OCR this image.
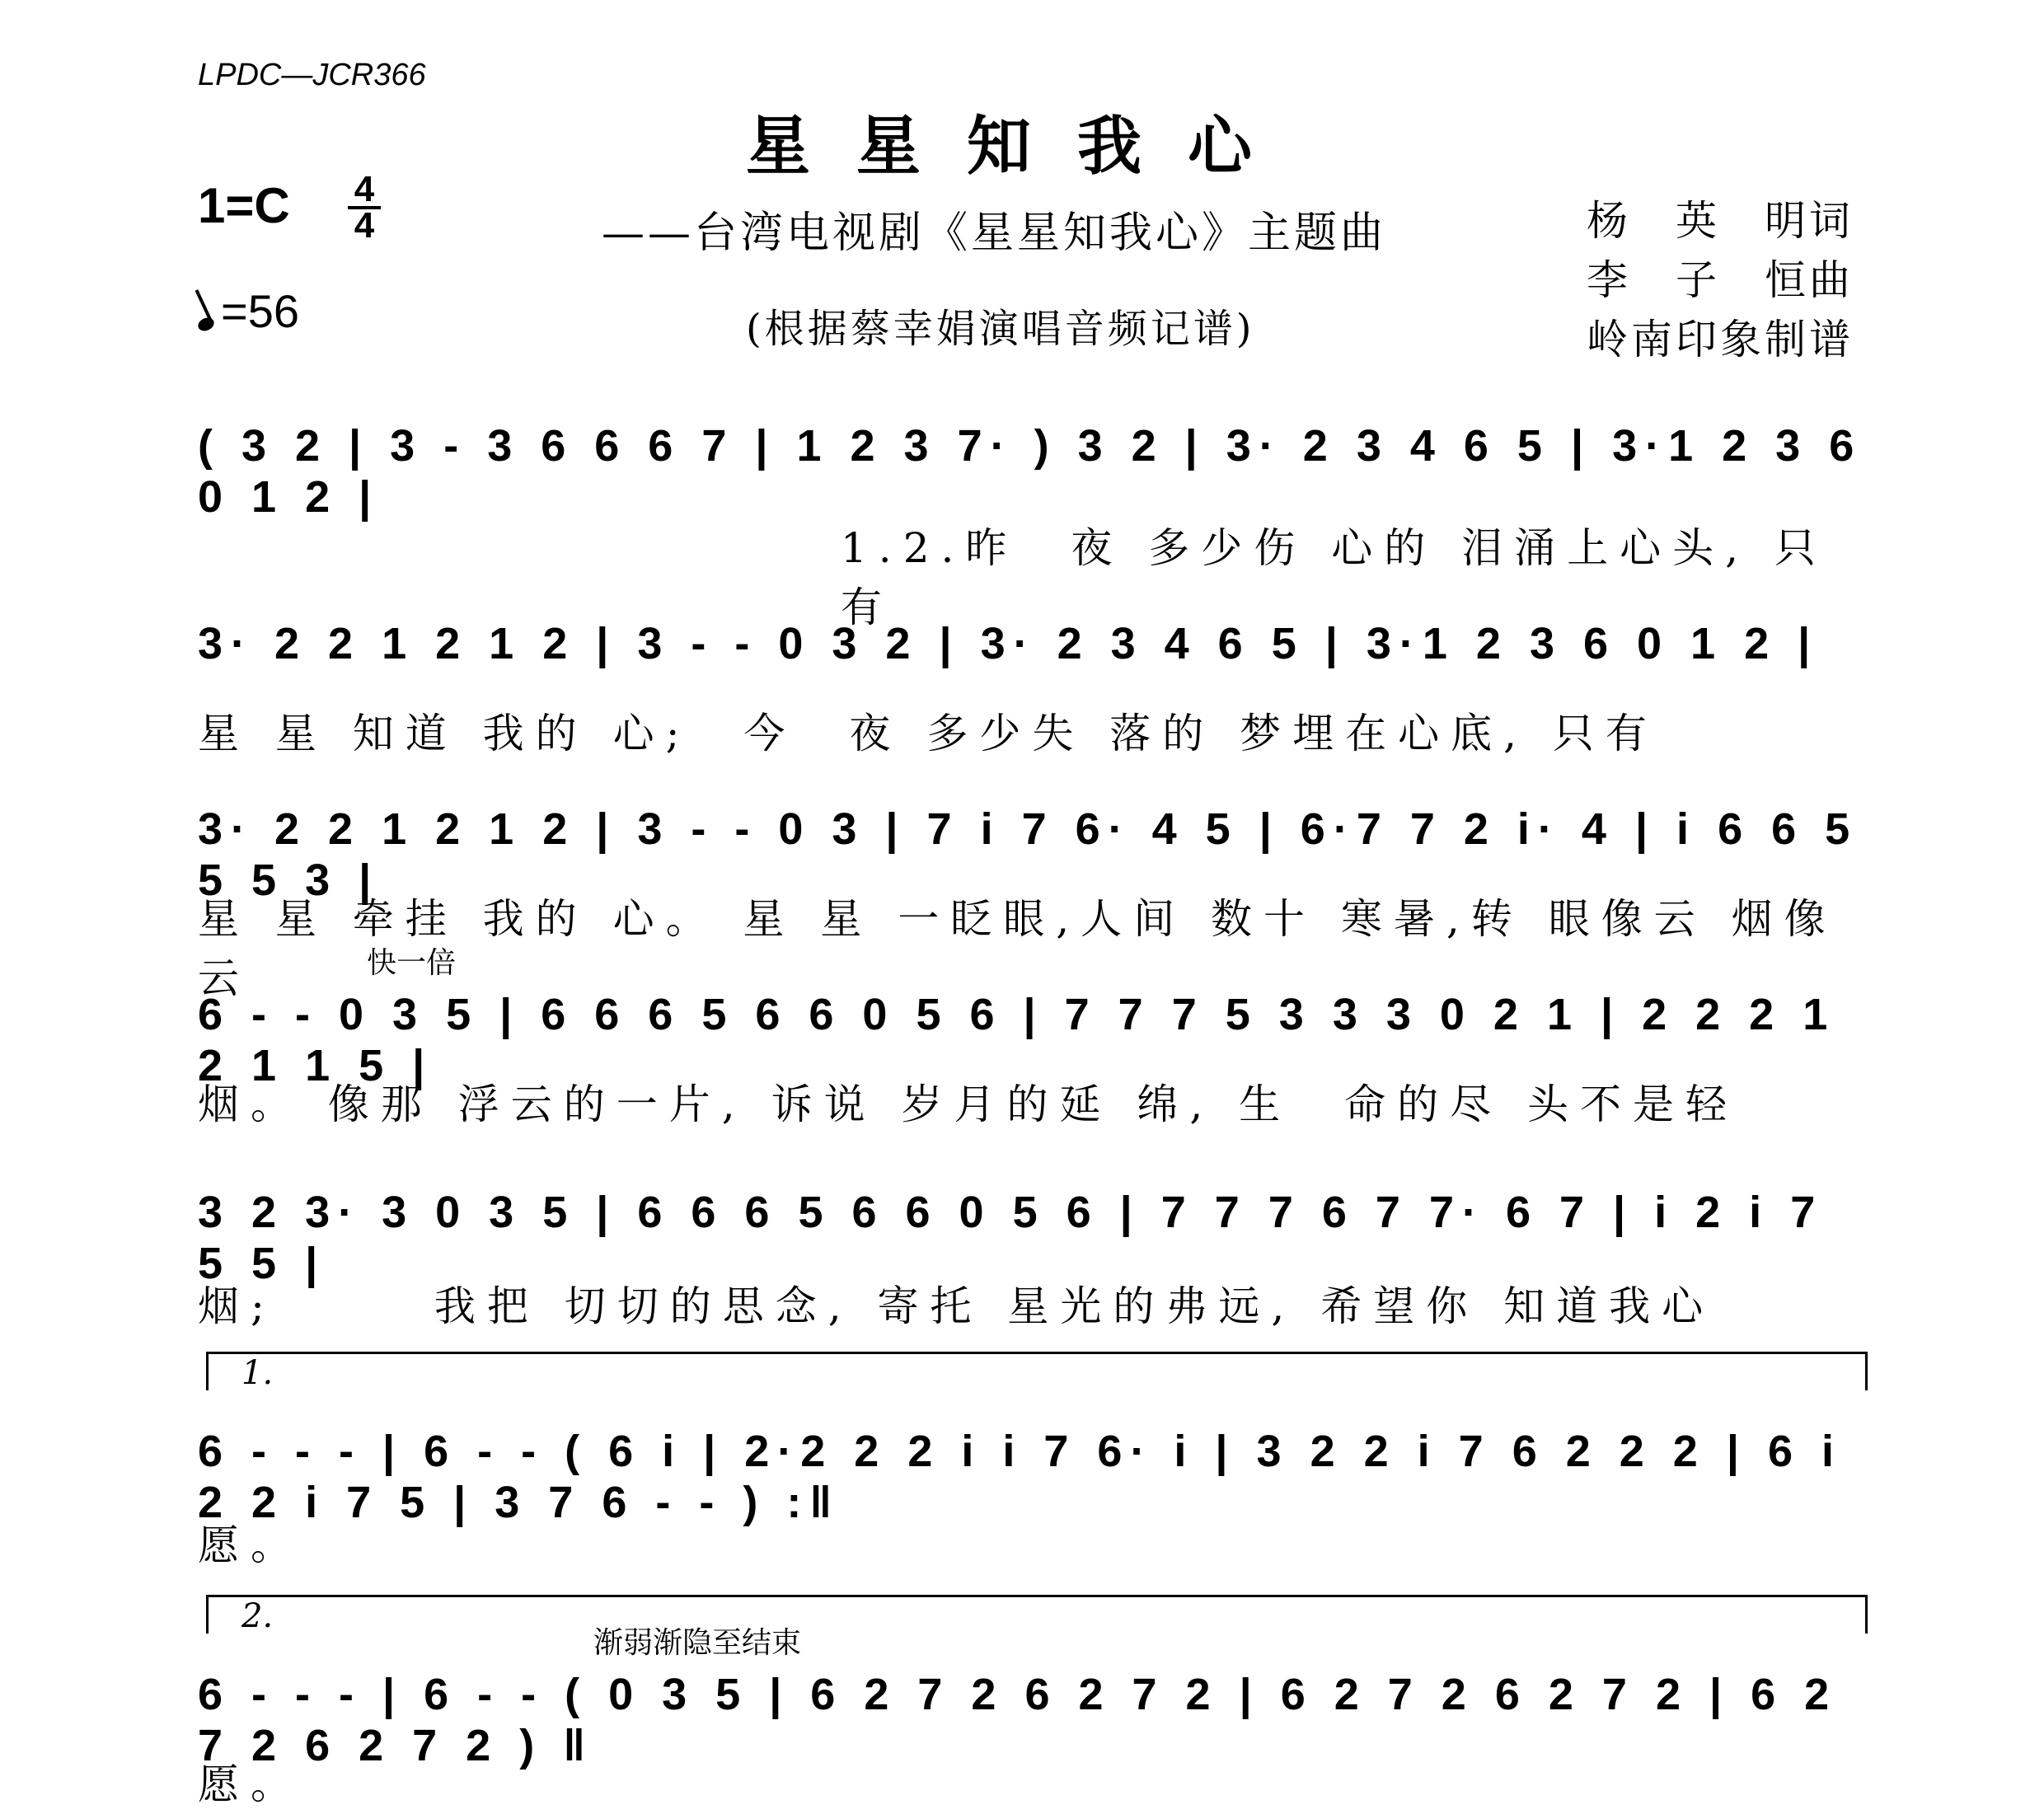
LPDC—JCR366
星星知我心
——台湾电视剧《星星知我心》主题曲
(根据蔡幸娟演唱音频记谱)
杨　英　明词
李　子　恒曲
岭南印象制谱
1=C 4
4
=56
( 3 2 | 3 - 3 6 6 6 7 | 1 2 3 7· ) 3 2 | 3· 2 3 4 6 5 | 3·1 2 3 6 0 1 2 |
1.2.昨　夜 多少伤 心的 泪涌上心头, 只有
3· 2 2 1 2 1 2 | 3 - - 0 3 2 | 3· 2 3 4 6 5 | 3·1 2 3 6 0 1 2 |
星 星 知道 我的 心;　今　夜 多少失 落的 梦埋在心底, 只有
3· 2 2 1 2 1 2 | 3 - - 0 3 | 7 i 7 6· 4 5 | 6·7 7 2 i· 4 | i 6 6 5 5 5 3 |
星 星 牵挂 我的 心。 星 星 一眨眼,人间 数十 寒暑,转 眼像云 烟像云	快一倍
6 - - 0 3 5 | 6 6 6 5 6 6 0 5 6 | 7 7 7 5 3 3 3 0 2 1 | 2 2 2 1 2 1 1 5 |
烟。 像那 浮云的一片, 诉说 岁月的延 绵, 生　命的尽 头不是轻
3 2 3· 3 0 3 5 | 6 6 6 5 6 6 0 5 6 | 7 7 7 6 7 7· 6 7 | i 2 i 7 5 5 |
烟;　　　我把 切切的思念, 寄托 星光的弗远, 希望你 知道我心
1.
6 - - - | 6 - - ( 6 i | 2·2 2 2 i i 7 6· i | 3 2 2 i 7 6 2 2 2 | 6 i 2 2 i 7 5 | 3 7 6 - - ) :‖
愿。
2.
渐弱渐隐至结束
6 - - - | 6 - - ( 0 3 5 | 6 2 7 2 6 2 7 2 | 6 2 7 2 6 2 7 2 | 6 2 7 2 6 2 7 2 ) ‖
愿。
